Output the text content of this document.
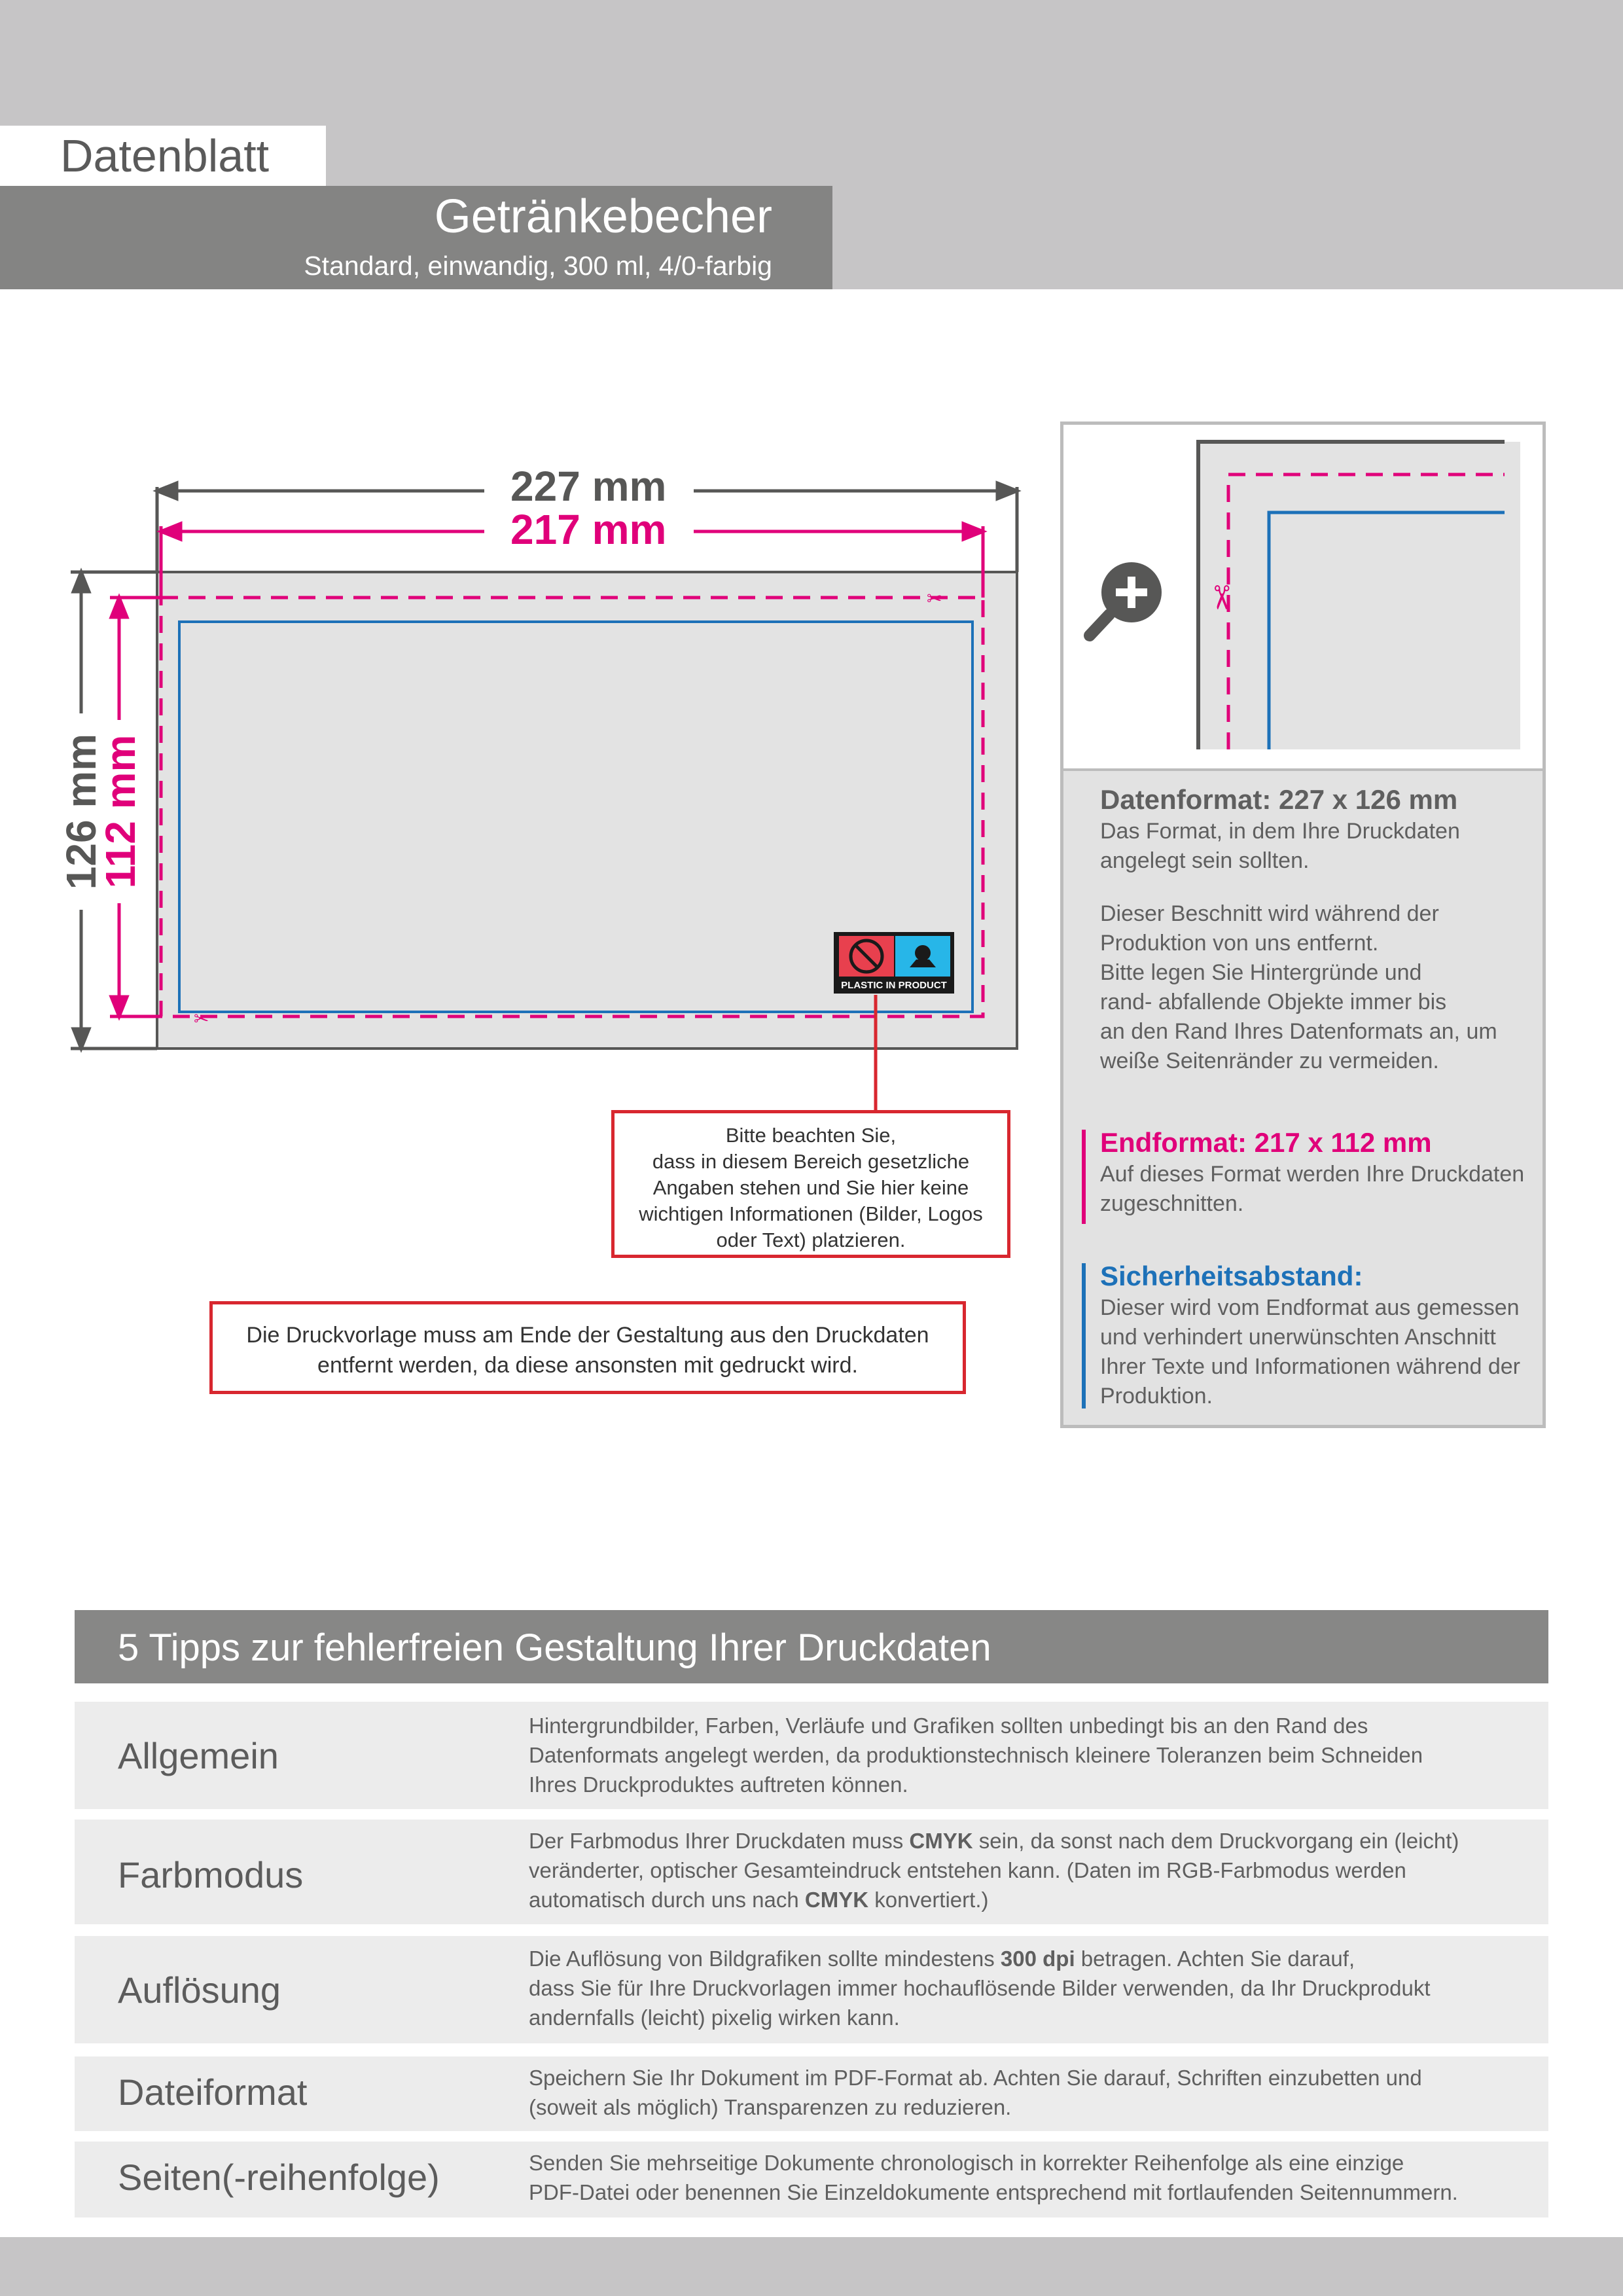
Datenblatt
Getränkebecher
Standard, einwandig, 300 ml, 4/0-farbig
✂
✂
PLASTIC IN PRODUCT
227 mm
217 mm
126 mm
112 mm
Bitte beachten Sie,
dass in diesem Bereich gesetzliche
Angaben stehen und Sie hier keine
wichtigen Informationen (Bilder, Logos
oder Text) platzieren.
Die Druckvorlage muss am Ende der Gestaltung aus den Druckdaten
entfernt werden, da diese ansonsten mit gedruckt wird.
✂
Datenformat: 227 x 126 mm
Das Format, in dem Ihre Druckdaten
angelegt sein sollten.
Dieser Beschnitt wird während der
Produktion von uns entfernt.
Bitte legen Sie Hintergründe und
rand- abfallende Objekte immer bis
an den Rand Ihres Datenformats an, um
weiße Seitenränder zu vermeiden.
Endformat: 217 x 112 mm
Auf dieses Format werden Ihre Druckdaten
zugeschnitten.
Sicherheitsabstand:
Dieser wird vom Endformat aus gemessen
und verhindert unerwünschten Anschnitt
Ihrer Texte und Informationen während der
Produktion.
5 Tipps zur fehlerfreien Gestaltung Ihrer Druckdaten
Allgemein
Hintergrundbilder, Farben, Verläufe und Grafiken sollten unbedingt bis an den Rand des
Datenformats angelegt werden, da produktionstechnisch kleinere Toleranzen beim Schneiden
Ihres Druckproduktes auftreten können.
Farbmodus
Der Farbmodus Ihrer Druckdaten muss CMYK sein, da sonst nach dem Druckvorgang ein (leicht)
veränderter, optischer Gesamteindruck entstehen kann. (Daten im RGB-Farbmodus werden
automatisch durch uns nach CMYK konvertiert.)
Auflösung
Die Auflösung von Bildgrafiken sollte mindestens 300 dpi betragen. Achten Sie darauf,
dass Sie für Ihre Druckvorlagen immer hochauflösende Bilder verwenden, da Ihr Druckprodukt
andernfalls (leicht) pixelig wirken kann.
Dateiformat	Speichern Sie Ihr Dokument im PDF-Format ab. Achten Sie darauf, Schriften einzubetten und
(soweit als möglich) Transparenzen zu reduzieren.
Seiten(-reihenfolge)	Senden Sie mehrseitige Dokumente chronologisch in korrekter Reihenfolge als eine einzige
PDF-Datei oder benennen Sie Einzeldokumente entsprechend mit fortlaufenden Seitennummern.
